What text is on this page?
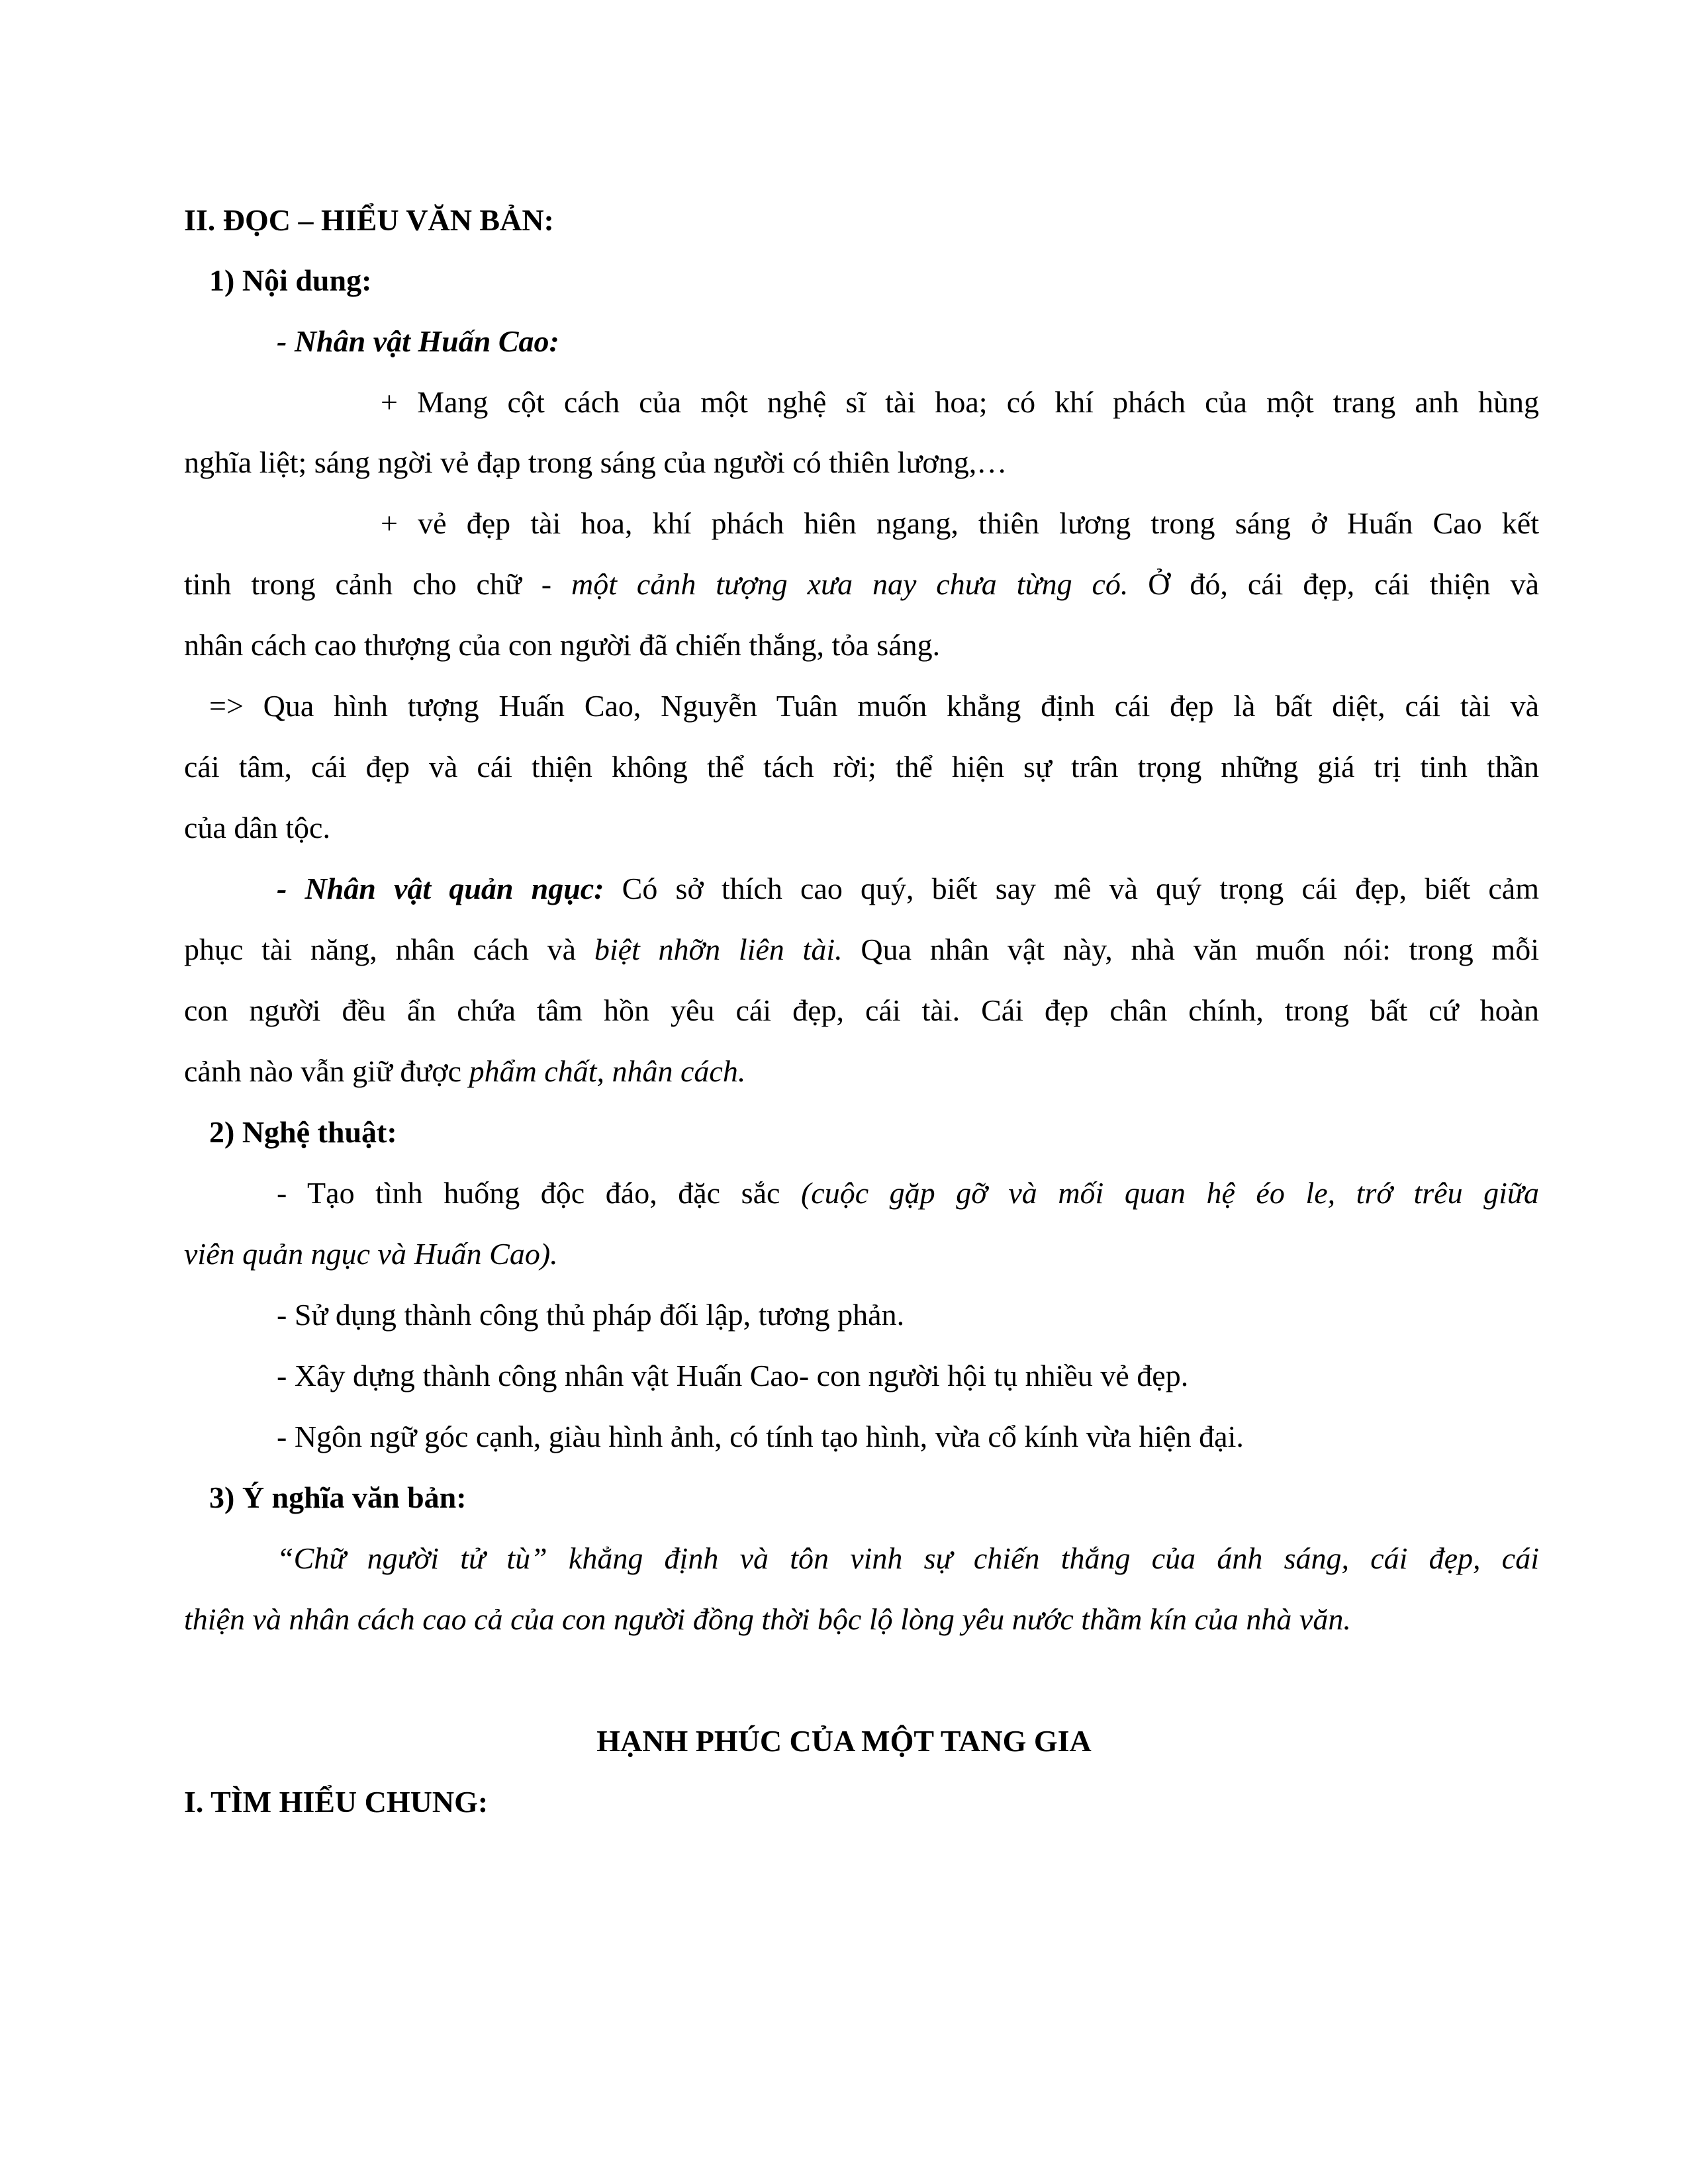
II. ĐỌC – HIỂU VĂN BẢN:
1) Nội dung:
- Nhân vật Huấn Cao:
+ Mang cột cách của một nghệ sĩ tài hoa; có khí phách của một trang anh hùng
nghĩa liệt; sáng ngời vẻ đạp trong sáng của người có thiên lương,…
+ vẻ đẹp tài hoa, khí phách hiên ngang, thiên lương trong sáng ở Huấn Cao kết
tinh trong cảnh cho chữ - một cảnh tượng xưa nay chưa từng có. Ở đó, cái đẹp, cái thiện và
nhân cách cao thượng của con người đã chiến thắng, tỏa sáng.
=> Qua hình tượng Huấn Cao, Nguyễn Tuân muốn khẳng định cái đẹp là bất diệt, cái tài và
cái tâm, cái đẹp và cái thiện không thể tách rời; thể hiện sự trân trọng những giá trị tinh thần
của dân tộc.
- Nhân vật quản ngục: Có sở thích cao quý, biết say mê và quý trọng cái đẹp, biết cảm
phục tài năng, nhân cách và biệt nhỡn liên tài. Qua nhân vật này, nhà văn muốn nói: trong mỗi
con người đều ẩn chứa tâm hồn yêu cái đẹp, cái tài. Cái đẹp chân chính, trong bất cứ hoàn
cảnh nào vẫn giữ được phẩm chất, nhân cách.
2) Nghệ thuật:
- Tạo tình huống độc đáo, đặc sắc (cuộc gặp gỡ và mối quan hệ éo le, trớ trêu giữa
viên quản ngục và Huấn Cao).
- Sử dụng thành công thủ pháp đối lập, tương phản.
- Xây dựng thành công nhân vật Huấn Cao- con người hội tụ nhiều vẻ đẹp.
- Ngôn ngữ góc cạnh, giàu hình ảnh, có tính tạo hình, vừa cổ kính vừa hiện đại.
3) Ý nghĩa văn bản:
“Chữ người tử tù” khẳng định và tôn vinh sự chiến thắng của ánh sáng, cái đẹp, cái
thiện và nhân cách cao cả của con người đồng thời bộc lộ lòng yêu nước thầm kín của nhà văn.
HẠNH PHÚC CỦA MỘT TANG GIA
I. TÌM HIỂU CHUNG:
